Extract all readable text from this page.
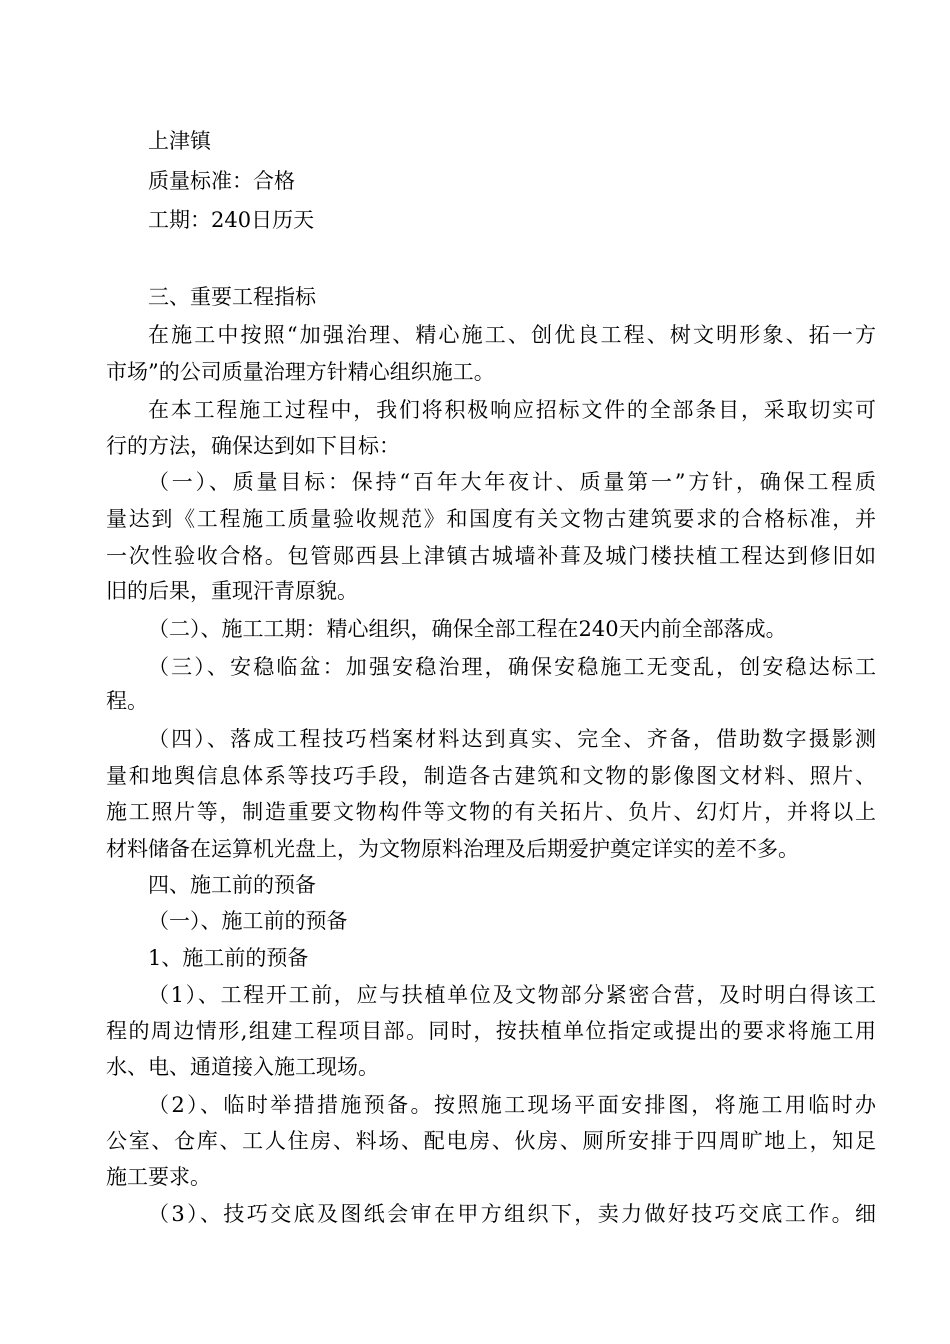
上津镇
质量标准：合格
工期：240日历天
三、重要工程指标
在施工中按照“加强治理、精心施工、创优良工程、树文明形象、拓一方
市场”的公司质量治理方针精心组织施工。
在本工程施工过程中，我们将积极响应招标文件的全部条目，采取切实可
行的方法，确保达到如下目标：
（一）、质量目标：保持“百年大年夜计、质量第一”方针，确保工程质
量达到《工程施工质量验收规范》和国度有关文物古建筑要求的合格标准，并
一次性验收合格。包管郧西县上津镇古城墙补葺及城门楼扶植工程达到修旧如
旧的后果，重现汗青原貌。
（二）、施工工期：精心组织，确保全部工程在240天内前全部落成。
（三）、安稳临盆：加强安稳治理，确保安稳施工无变乱，创安稳达标工
程。
（四）、落成工程技巧档案材料达到真实、完全、齐备，借助数字摄影测
量和地舆信息体系等技巧手段，制造各古建筑和文物的影像图文材料、照片、
施工照片等，制造重要文物构件等文物的有关拓片、负片、幻灯片，并将以上
材料储备在运算机光盘上，为文物原料治理及后期爱护奠定详实的差不多。
四、施工前的预备
（一）、施工前的预备
1、施工前的预备
（1）、工程开工前，应与扶植单位及文物部分紧密合营，及时明白得该工
程的周边情形,组建工程项目部。同时，按扶植单位指定或提出的要求将施工用
水、电、通道接入施工现场。
（2）、临时举措措施预备。按照施工现场平面安排图，将施工用临时办
公室、仓库、工人住房、料场、配电房、伙房、厕所安排于四周旷地上，知足
施工要求。
（3）、技巧交底及图纸会审在甲方组织下，卖力做好技巧交底工作。细
